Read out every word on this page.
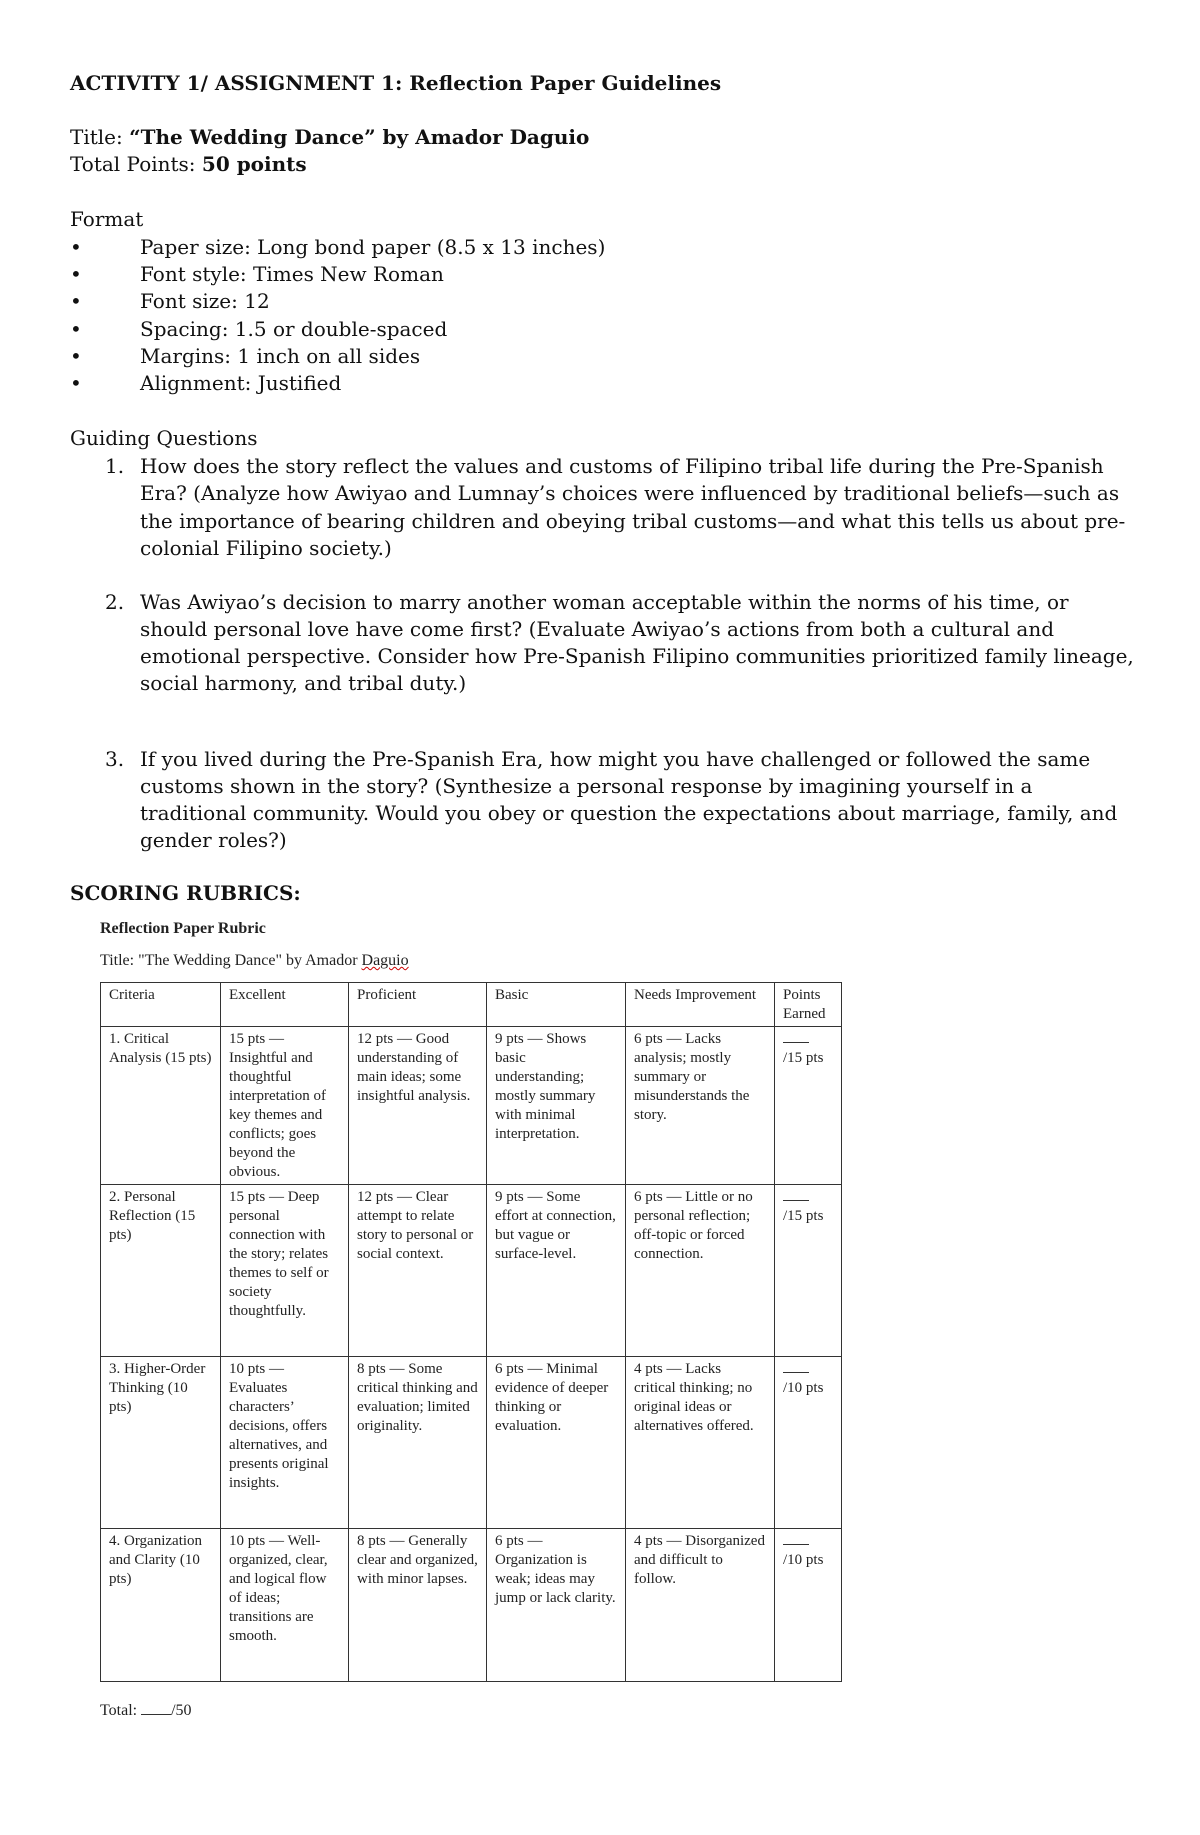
ACTIVITY 1/ ASSIGNMENT 1: Reflection Paper Guidelines

Title: “The Wedding Dance” by Amador Daguio

Total Points: 50 points

Format

•	Paper size: Long bond paper (8.5 x 13 inches)
•	Font style: Times New Roman
•	Font size: 12
•	Spacing: 1.5 or double-spaced
•	Margins: 1 inch on all sides
•	Alignment: Justified

Guiding Questions

1. How does the story reflect the values and customs of Filipino tribal life during the Pre-Spanish Era? (Analyze how Awiyao and Lumnay’s choices were influenced by traditional beliefs—such as the importance of bearing children and obeying tribal customs—and what this tells us about pre-colonial Filipino society.)
2. Was Awiyao’s decision to marry another woman acceptable within the norms of his time, or should personal love have come first? (Evaluate Awiyao’s actions from both a cultural and emotional perspective. Consider how Pre-Spanish Filipino communities prioritized family lineage, social harmony, and tribal duty.)
3. If you lived during the Pre-Spanish Era, how might you have challenged or followed the same customs shown in the story? (Synthesize a personal response by imagining yourself in a traditional community. Would you obey or question the expectations about marriage, family, and gender roles?)

SCORING RUBRICS:

Reflection Paper Rubric

Title: "The Wedding Dance" by Amador Daguio

Criteria	Excellent	Proficient	Basic	Needs Improvement	Points Earned
1. Critical Analysis (15 pts)	15 pts — Insightful and thoughtful interpretation of key themes and conflicts; goes beyond the obvious.	12 pts — Good understanding of main ideas; some insightful analysis.	9 pts — Shows basic understanding; mostly summary with minimal interpretation.	6 pts — Lacks analysis; mostly summary or misunderstands the story.	/15 pts
2. Personal Reflection (15 pts)	15 pts — Deep personal connection with the story; relates themes to self or society thoughtfully.	12 pts — Clear attempt to relate story to personal or social context.	9 pts — Some effort at connection, but vague or surface-level.	6 pts — Little or no personal reflection; off-topic or forced connection.	/15 pts
3. Higher-Order Thinking (10 pts)	10 pts — Evaluates characters’ decisions, offers alternatives, and presents original insights.	8 pts — Some critical thinking and evaluation; limited originality.	6 pts — Minimal evidence of deeper thinking or evaluation.	4 pts — Lacks critical thinking; no original ideas or alternatives offered.	/10 pts
4. Organization and Clarity (10 pts)	10 pts — Well-organized, clear, and logical flow of ideas; transitions are smooth.	8 pts — Generally clear and organized, with minor lapses.	6 pts — Organization is weak; ideas may jump or lack clarity.	4 pts — Disorganized and difficult to follow.	/10 pts

Total: /50
